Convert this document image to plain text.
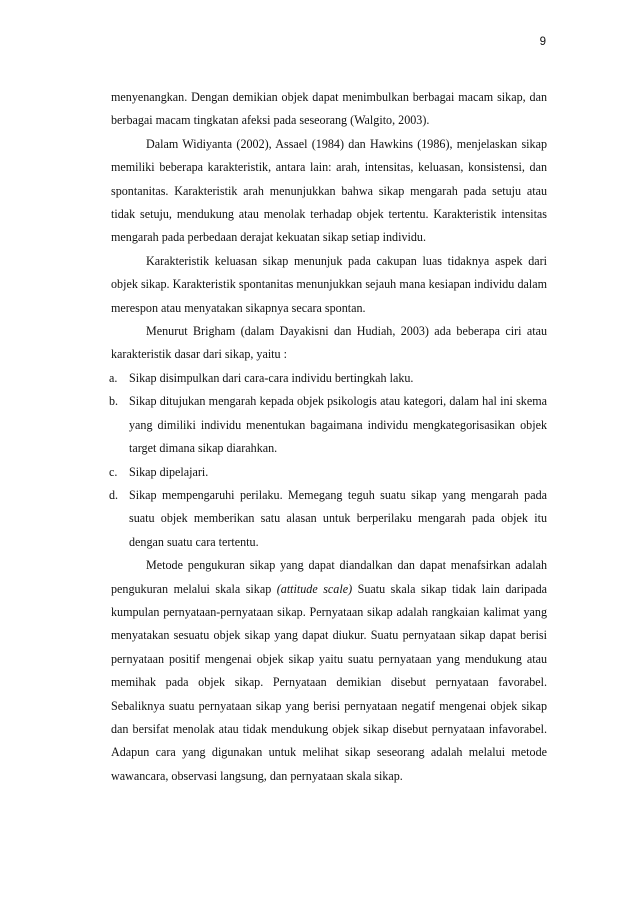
9

menyenangkan. Dengan demikian objek dapat menimbulkan berbagai macam sikap, dan berbagai macam tingkatan afeksi pada seseorang (Walgito, 2003).

Dalam Widiyanta (2002), Assael (1984) dan Hawkins (1986), menjelaskan sikap memiliki beberapa karakteristik, antara lain: arah, intensitas, keluasan, konsistensi, dan spontanitas. Karakteristik arah menunjukkan bahwa sikap mengarah pada setuju atau tidak setuju, mendukung atau menolak terhadap objek tertentu. Karakteristik intensitas mengarah pada perbedaan derajat kekuatan sikap setiap individu.

Karakteristik keluasan sikap menunjuk pada cakupan luas tidaknya aspek dari objek sikap. Karakteristik spontanitas menunjukkan sejauh mana kesiapan individu dalam merespon atau menyatakan sikapnya secara spontan.

Menurut Brigham (dalam Dayakisni dan Hudiah, 2003) ada beberapa ciri atau karakteristik dasar dari sikap, yaitu :

a. Sikap disimpulkan dari cara-cara individu bertingkah laku.
b. Sikap ditujukan mengarah kepada objek psikologis atau kategori, dalam hal ini skema yang dimiliki individu menentukan bagaimana individu mengkategorisasikan objek target dimana sikap diarahkan.
c. Sikap dipelajari.
d. Sikap mempengaruhi perilaku. Memegang teguh suatu sikap yang mengarah pada suatu objek memberikan satu alasan untuk berperilaku mengarah pada objek itu dengan suatu cara tertentu.

Metode pengukuran sikap yang dapat diandalkan dan dapat menafsirkan adalah pengukuran melalui skala sikap (attitude scale) Suatu skala sikap tidak lain daripada kumpulan pernyataan-pernyataan sikap. Pernyataan sikap adalah rangkaian kalimat yang menyatakan sesuatu objek sikap yang dapat diukur. Suatu pernyataan sikap dapat berisi pernyataan positif mengenai objek sikap yaitu suatu pernyataan yang mendukung atau memihak pada objek sikap. Pernyataan demikian disebut pernyataan favorabel. Sebaliknya suatu pernyataan sikap yang berisi pernyataan negatif mengenai objek sikap dan bersifat menolak atau tidak mendukung objek sikap disebut pernyataan infavorabel. Adapun cara yang digunakan untuk melihat sikap seseorang adalah melalui metode wawancara, observasi langsung, dan pernyataan skala sikap.
